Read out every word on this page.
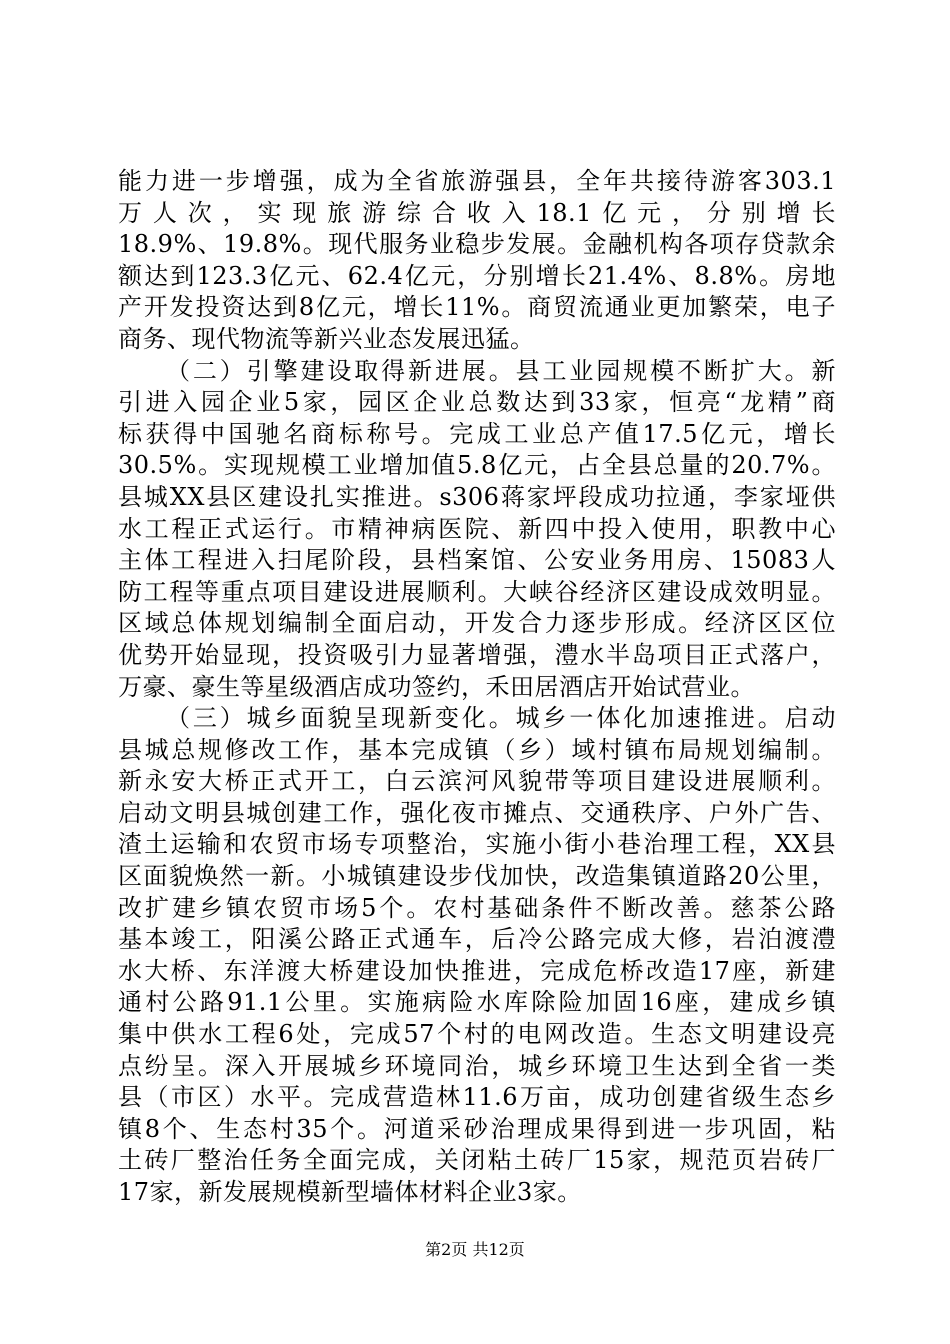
能力进一步增强，成为全省旅游强县，全年共接待游客303.1
万人次，实现旅游综合收入18.1亿元，分别增长
18.9%、19.8%。现代服务业稳步发展。金融机构各项存贷款余
额达到123.3亿元、62.4亿元，分别增长21.4%、8.8%。房地
产开发投资达到8亿元，增长11%。商贸流通业更加繁荣，电子
商务、现代物流等新兴业态发展迅猛。
（二）引擎建设取得新进展。县工业园规模不断扩大。新
引进入园企业5家，园区企业总数达到33家，恒亮“龙精”商
标获得中国驰名商标称号。完成工业总产值17.5亿元，增长
30.5%。实现规模工业增加值5.8亿元，占全县总量的20.7%。
县城XX县区建设扎实推进。s306蒋家坪段成功拉通，李家垭供
水工程正式运行。市精神病医院、新四中投入使用，职教中心
主体工程进入扫尾阶段，县档案馆、公安业务用房、15083人
防工程等重点项目建设进展顺利。大峡谷经济区建设成效明显。
区域总体规划编制全面启动，开发合力逐步形成。经济区区位
优势开始显现，投资吸引力显著增强，澧水半岛项目正式落户，
万豪、豪生等星级酒店成功签约，禾田居酒店开始试营业。
（三）城乡面貌呈现新变化。城乡一体化加速推进。启动
县城总规修改工作，基本完成镇（乡）域村镇布局规划编制。
新永安大桥正式开工，白云滨河风貌带等项目建设进展顺利。
启动文明县城创建工作，强化夜市摊点、交通秩序、户外广告、
渣土运输和农贸市场专项整治，实施小街小巷治理工程，XX县
区面貌焕然一新。小城镇建设步伐加快，改造集镇道路20公里，
改扩建乡镇农贸市场5个。农村基础条件不断改善。慈茶公路
基本竣工，阳溪公路正式通车，后冷公路完成大修，岩泊渡澧
水大桥、东洋渡大桥建设加快推进，完成危桥改造17座，新建
通村公路91.1公里。实施病险水库除险加固16座，建成乡镇
集中供水工程6处，完成57个村的电网改造。生态文明建设亮
点纷呈。深入开展城乡环境同治，城乡环境卫生达到全省一类
县（市区）水平。完成营造林11.6万亩，成功创建省级生态乡
镇8个、生态村35个。河道采砂治理成果得到进一步巩固，粘
土砖厂整治任务全面完成，关闭粘土砖厂15家，规范页岩砖厂
17家，新发展规模新型墙体材料企业3家。
第2页 共12页
